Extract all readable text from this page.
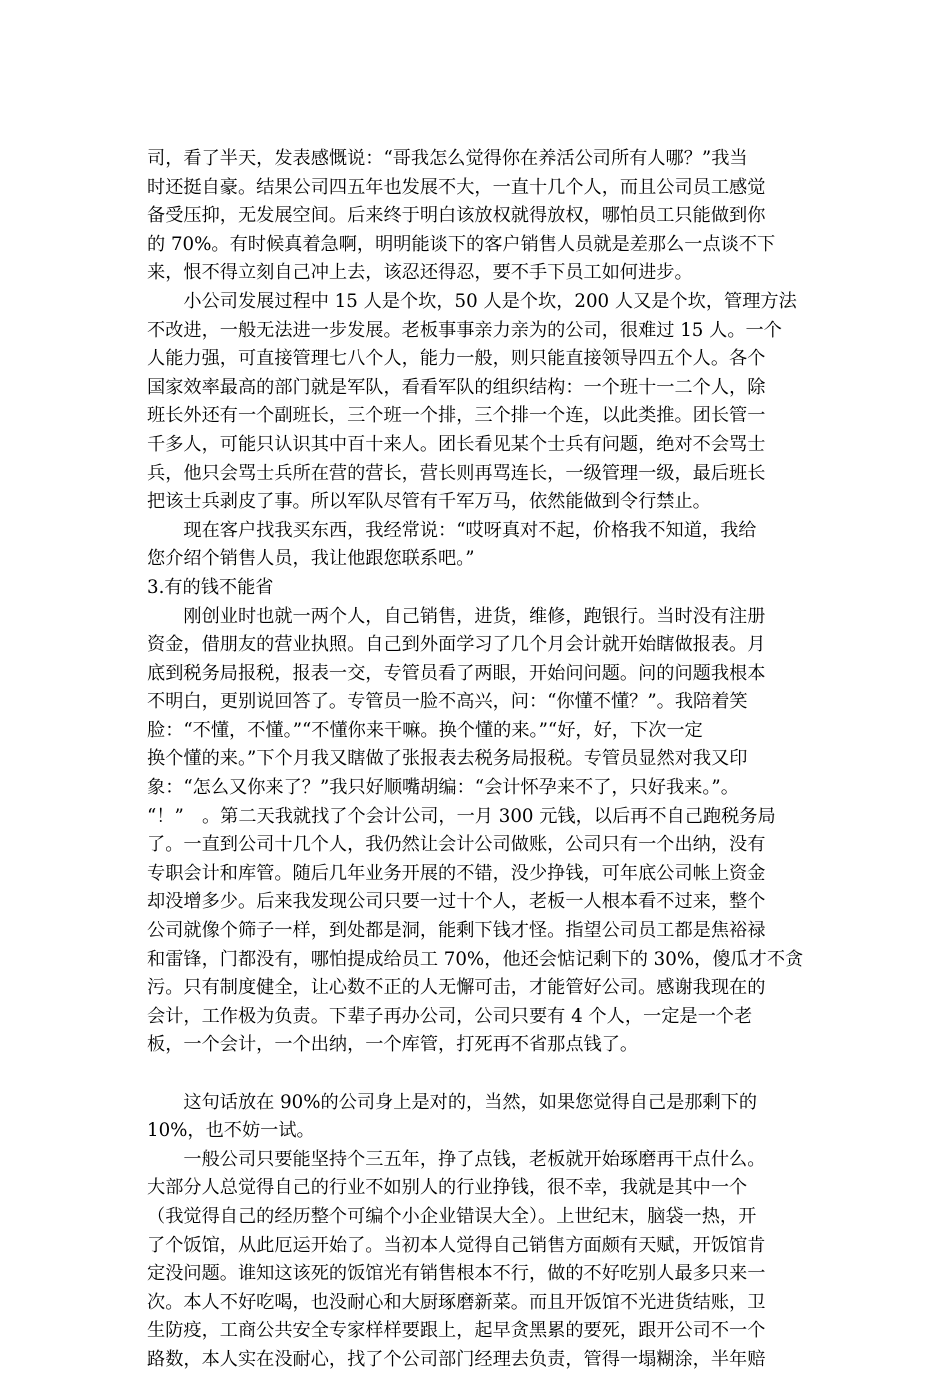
司，看了半天，发表感慨说：“哥我怎么觉得你在养活公司所有人哪？”我当
时还挺自豪。结果公司四五年也发展不大，一直十几个人，而且公司员工感觉
备受压抑，无发展空间。后来终于明白该放权就得放权，哪怕员工只能做到你
的 70%。有时候真着急啊，明明能谈下的客户销售人员就是差那么一点谈不下
来，恨不得立刻自己冲上去，该忍还得忍，要不手下员工如何进步。
　　小公司发展过程中 15 人是个坎，50 人是个坎，200 人又是个坎，管理方法
不改进，一般无法进一步发展。老板事事亲力亲为的公司，很难过 15 人。一个
人能力强，可直接管理七八个人，能力一般，则只能直接领导四五个人。各个
国家效率最高的部门就是军队，看看军队的组织结构：一个班十一二个人，除
班长外还有一个副班长，三个班一个排，三个排一个连，以此类推。团长管一
千多人，可能只认识其中百十来人。团长看见某个士兵有问题，绝对不会骂士
兵，他只会骂士兵所在营的营长，营长则再骂连长，一级管理一级，最后班长
把该士兵剥皮了事。所以军队尽管有千军万马，依然能做到令行禁止。
　　现在客户找我买东西，我经常说：“哎呀真对不起，价格我不知道，我给
您介绍个销售人员，我让他跟您联系吧。”
3.有的钱不能省
　　刚创业时也就一两个人，自己销售，进货，维修，跑银行。当时没有注册
资金，借朋友的营业执照。自己到外面学习了几个月会计就开始瞎做报表。月
底到税务局报税，报表一交，专管员看了两眼，开始问问题。问的问题我根本
不明白，更别说回答了。专管员一脸不高兴，问：“你懂不懂？”。我陪着笑
脸：“不懂，不懂。”“不懂你来干嘛。换个懂的来。”“好，好，下次一定
换个懂的来。”下个月我又瞎做了张报表去税务局报税。专管员显然对我又印
象：“怎么又你来了？”我只好顺嘴胡编：“会计怀孕来不了，只好我来。”。
“！”　。第二天我就找了个会计公司，一月 300 元钱，以后再不自己跑税务局
了。一直到公司十几个人，我仍然让会计公司做账，公司只有一个出纳，没有
专职会计和库管。随后几年业务开展的不错，没少挣钱，可年底公司帐上资金
却没增多少。后来我发现公司只要一过十个人，老板一人根本看不过来，整个
公司就像个筛子一样，到处都是洞，能剩下钱才怪。指望公司员工都是焦裕禄
和雷锋，门都没有，哪怕提成给员工 70%，他还会惦记剩下的 30%，傻瓜才不贪
污。只有制度健全，让心数不正的人无懈可击，才能管好公司。感谢我现在的
会计，工作极为负责。下辈子再办公司，公司只要有 4 个人，一定是一个老
板，一个会计，一个出纳，一个库管，打死再不省那点钱了。
　　这句话放在 90%的公司身上是对的，当然，如果您觉得自己是那剩下的
10%，也不妨一试。
　　一般公司只要能坚持个三五年，挣了点钱，老板就开始琢磨再干点什么。
大部分人总觉得自己的行业不如别人的行业挣钱，很不幸，我就是其中一个
（我觉得自己的经历整个可编个小企业错误大全）。上世纪末，脑袋一热，开
了个饭馆，从此厄运开始了。当初本人觉得自己销售方面颇有天赋，开饭馆肯
定没问题。谁知这该死的饭馆光有销售根本不行，做的不好吃别人最多只来一
次。本人不好吃喝，也没耐心和大厨琢磨新菜。而且开饭馆不光进货结账，卫
生防疫，工商公共安全专家样样要跟上，起早贪黑累的要死，跟开公司不一个
路数，本人实在没耐心，找了个公司部门经理去负责，管得一塌糊涂，半年赔
